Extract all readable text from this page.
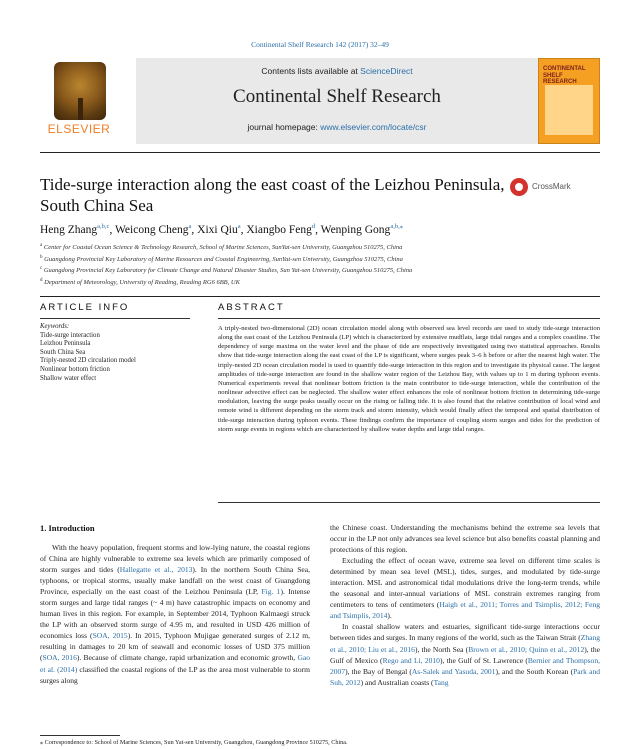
Continental Shelf Research 142 (2017) 32–49
ELSEVIER
Contents lists available at ScienceDirect
Continental Shelf Research
journal homepage: www.elsevier.com/locate/csr
CONTINENTAL SHELF RESEARCH
Tide-surge interaction along the east coast of the Leizhou Peninsula, South China Sea
CrossMark
Heng Zhang$^{a,b,c}$, Weicong Cheng$^a$, Xixi Qiu$^a$, Xiangbo Feng$^d$, Wenping Gong$^{a,b,⁎}$
$^a$ Center for Coastal Ocean Science & Technology Research, School of Marine Sciences, SunYat-sen University, Guangzhou 510275, China
$^b$ Guangdong Provincial Key Laboratory of Marine Resources and Coastal Engineering, SunYat-sen University, Guangzhou 510275, China
$^c$ Guangdong Provincial Key Laboratory for Climate Change and Natural Disaster Studies, Sun Yat-sen University, Guangzhou 510275, China
$^d$ Department of Meteorology, University of Reading, Reading RG6 6BB, UK
ARTICLE INFO	ABSTRACT
Keywords:
Tide-surge interaction
Leizhou Peninsula
South China Sea
Triply-nested 2D circulation model
Nonlinear bottom friction
Shallow water effect
A triply-nested two-dimensional (2D) ocean circulation model along with observed sea level records are used to study tide-surge interaction along the east coast of the Leizhou Peninsula (LP) which is characterized by extensive mudflats, large tidal ranges and a complex coastline. The dependency of surge maxima on the water level and the phase of tide are respectively investigated using two statistical approaches. Results show that tide-surge interaction along the east coast of the LP is significant, where surges peak 3–6 h before or after the nearest high water. The triply-nested 2D ocean circulation model is used to quantify tide-surge interaction in this region and to investigate its physical cause. The largest amplitudes of tide-surge interaction are found in the shallow water region of the Leizhou Bay, with values up to 1 m during typhoon events. Numerical experiments reveal that nonlinear bottom friction is the main contributor to tide-surge interaction, while the contribution of the nonlinear advective effect can be neglected. The shallow water effect enhances the role of nonlinear bottom friction in determining tide-surge modulation, leaving the surge peaks usually occur on the rising or falling tide. It is also found that the relative contribution of local wind and remote wind is different depending on the storm track and storm intensity, which would finally affect the temporal and spatial distribution of tide-surge interaction during typhoon events. These findings confirm the importance of coupling storm surges and tides for the prediction of storm surge events in regions which are characterized by shallow water depths and large tidal ranges.
1. Introduction

With the heavy population, frequent storms and low-lying nature, the coastal regions of China are highly vulnerable to extreme sea levels which are primarily composed of storm surges and tides (Hallegatte et al., 2013). In the northern South China Sea, typhoons, or tropical storms, usually make landfall on the west coast of Guangdong Province, especially on the east coast of the Leizhou Peninsula (LP, Fig. 1). Intense storm surges and large tidal ranges (~ 4 m) have catastrophic impacts on economy and human lives in this region. For example, in September 2014, Typhoon Kalmaegi struck the LP with an observed storm surge of 4.95 m, and resulted in USD 426 million of economics loss (SOA, 2015). In 2015, Typhoon Mujigae generated surges of 2.12 m, resulting in damages to 20 km of seawall and economic losses of USD 375 million (SOA, 2016). Because of climate change, rapid urbanization and economic growth, Gao et al. (2014) classified the coastal regions of the LP as the area most vulnerable to storm surges along

the Chinese coast. Understanding the mechanisms behind the extreme sea levels that occur in the LP not only advances sea level science but also benefits coastal planning and protections of this region.

Excluding the effect of ocean wave, extreme sea level on different time scales is determined by mean sea level (MSL), tides, surges, and modulated by tide-surge interaction. MSL and astronomical tidal modulations drive the long-term trends, while the seasonal and inter-annual variations of MSL constrain extremes ranging from centimeters to tens of centimeters (Haigh et al., 2011; Torres and Tsimplis, 2012; Feng and Tsimplis, 2014).

In coastal shallow waters and estuaries, significant tide-surge interactions occur between tides and surges. In many regions of the world, such as the Taiwan Strait (Zhang et al., 2010; Liu et al., 2016), the North Sea (Brown et al., 2010; Quinn et al., 2012), the Gulf of Mexico (Rego and Li, 2010), the Gulf of St. Lawrence (Bernier and Thompson, 2007), the Bay of Bengal (As-Salek and Yasuda, 2001), and the South Korean (Park and Suh, 2012) and Australian coasts (Tang

⁎ Correspondence to: School of Marine Sciences, Sun Yat-sen University, Guangzhou, Guangdong Province 510275, China.
